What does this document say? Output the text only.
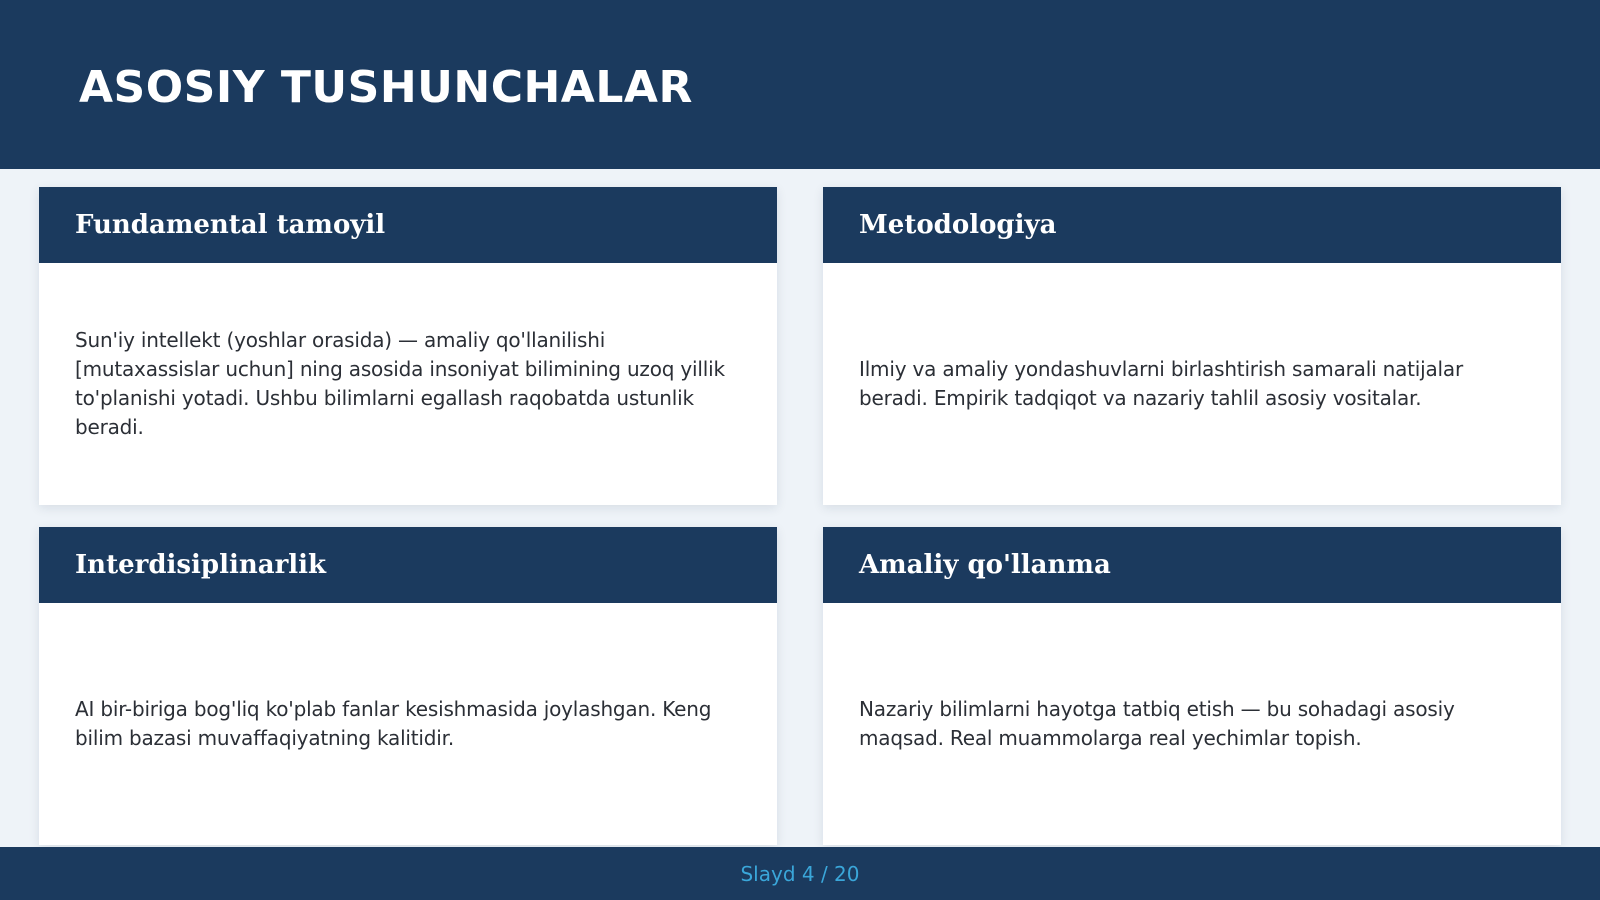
ASOSIY TUSHUNCHALAR
Fundamental tamoyil

Sun'iy intellekt (yoshlar orasida) — amaliy qo'llanilishi [mutaxassislar uchun] ning asosida insoniyat bilimining uzoq yillik to'planishi yotadi. Ushbu bilimlarni egallash raqobatda ustunlik beradi.

Metodologiya

Ilmiy va amaliy yondashuvlarni birlashtirish samarali natijalar beradi. Empirik tadqiqot va nazariy tahlil asosiy vositalar.

Interdisiplinarlik

AI bir-biriga bog'liq ko'plab fanlar kesishmasida joylashgan. Keng bilim bazasi muvaffaqiyatning kalitidir.

Amaliy qo'llanma

Nazariy bilimlarni hayotga tatbiq etish — bu sohadagi asosiy maqsad. Real muammolarga real yechimlar topish.

Slayd 4 / 20
